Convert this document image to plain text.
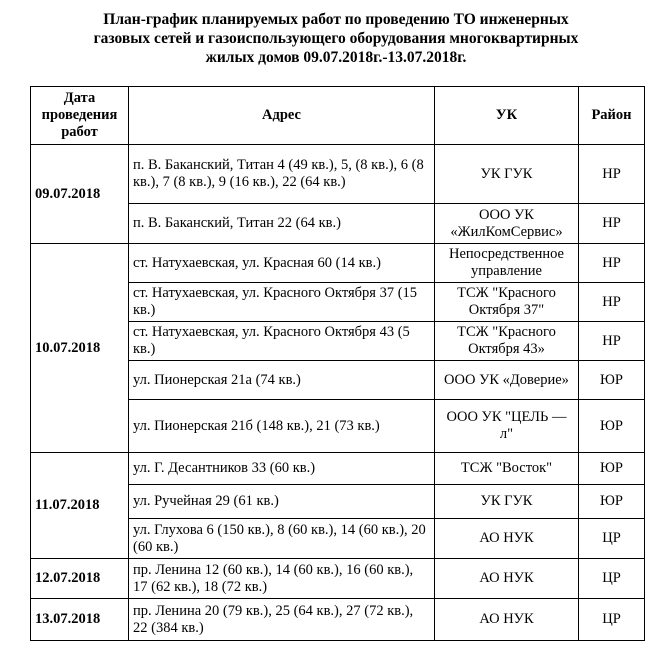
План-график планируемых работ по проведению ТО инженерных
газовых сетей и газоиспользующего оборудования многоквартирных
жилых домов 09.07.2018г.-13.07.2018г.
Дата
проведения
работ	Адрес	УК	Район
09.07.2018	п. В. Баканский, Титан 4 (49 кв.), 5, (8 кв.), 6 (8 кв.), 7 (8 кв.), 9 (16 кв.), 22 (64 кв.)	УК ГУК	НР
	п. В. Баканский, Титан 22 (64 кв.)	ООО УК «ЖилКомСервис»	НР
10.07.2018	ст. Натухаевская, ул. Красная 60 (14 кв.)	Непосредственное управление	НР
	ст. Натухаевская, ул. Красного Октября 37 (15 кв.)	ТСЖ "Красного Октября 37"	НР
	ст. Натухаевская, ул. Красного Октября 43 (5 кв.)	ТСЖ "Красного Октября 43»	НР
	ул. Пионерская 21а (74 кв.)	ООО УК «Доверие»	ЮР
	ул. Пионерская 21б (148 кв.), 21 (73 кв.)	ООО УК "ЦЕЛЬ — л"	ЮР
11.07.2018	ул. Г. Десантников 33 (60 кв.)	ТСЖ "Восток"	ЮР
	ул. Ручейная 29 (61 кв.)	УК ГУК	ЮР
	ул. Глухова 6 (150 кв.), 8 (60 кв.), 14 (60 кв.), 20 (60 кв.)	АО НУК	ЦР
12.07.2018	пр. Ленина 12 (60 кв.), 14 (60 кв.), 16 (60 кв.), 17 (62 кв.), 18 (72 кв.)	АО НУК	ЦР
13.07.2018	пр. Ленина 20 (79 кв.), 25 (64 кв.), 27 (72 кв.), 22 (384 кв.)	АО НУК	ЦР
